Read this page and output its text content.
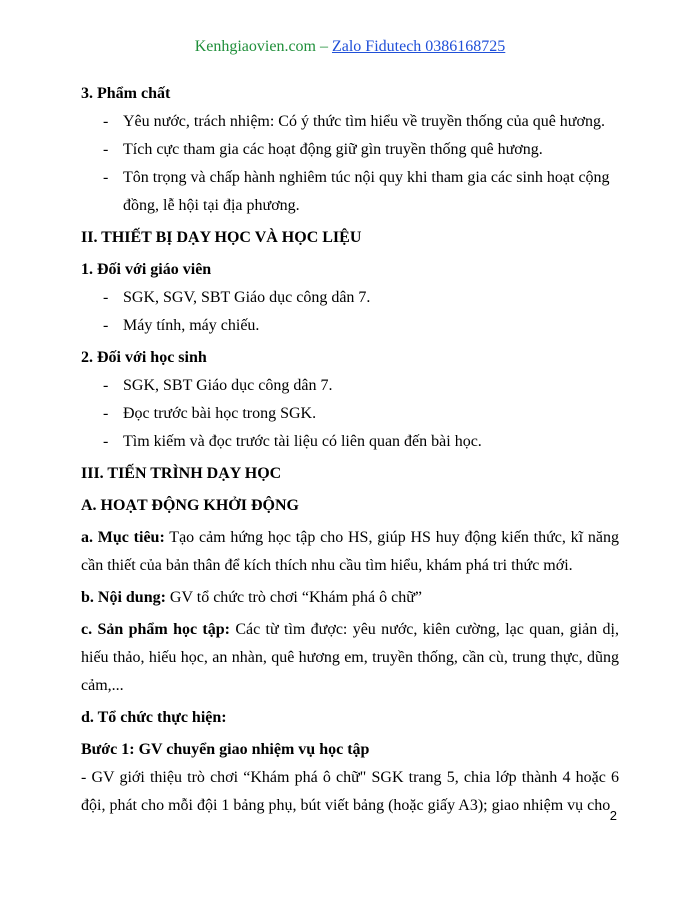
Kenhgiaovien.com – Zalo Fidutech 0386168725

3. Phẩm chất

- Yêu nước, trách nhiệm: Có ý thức tìm hiểu về truyền thống của quê hương.
- Tích cực tham gia các hoạt động giữ gìn truyền thống quê hương.
- Tôn trọng và chấp hành nghiêm túc nội quy khi tham gia các sinh hoạt cộng đồng, lễ hội tại địa phương.

II. THIẾT BỊ DẠY HỌC VÀ HỌC LIỆU

1. Đối với giáo viên

- SGK, SGV, SBT Giáo dục công dân 7.
- Máy tính, máy chiếu.

2. Đối với học sinh

- SGK, SBT Giáo dục công dân 7.
- Đọc trước bài học trong SGK.
- Tìm kiếm và đọc trước tài liệu có liên quan đến bài học.

III. TIẾN TRÌNH DẠY HỌC

A. HOẠT ĐỘNG KHỞI ĐỘNG

a. Mục tiêu: Tạo cảm hứng học tập cho HS, giúp HS huy động kiến thức, kĩ năng cần thiết của bản thân để kích thích nhu cầu tìm hiểu, khám phá tri thức mới.

b. Nội dung: GV tổ chức trò chơi “Khám phá ô chữ”

c. Sản phẩm học tập: Các từ tìm được: yêu nước, kiên cường, lạc quan, giản dị, hiếu thảo, hiếu học, an nhàn, quê hương em, truyền thống, cần cù, trung thực, dũng cảm,...

d. Tổ chức thực hiện:

Bước 1: GV chuyển giao nhiệm vụ học tập

- GV giới thiệu trò chơi “Khám phá ô chữ" SGK trang 5, chia lớp thành 4 hoặc 6 đội, phát cho mỗi đội 1 bảng phụ, bút viết bảng (hoặc giấy A3); giao nhiệm vụ cho

2
